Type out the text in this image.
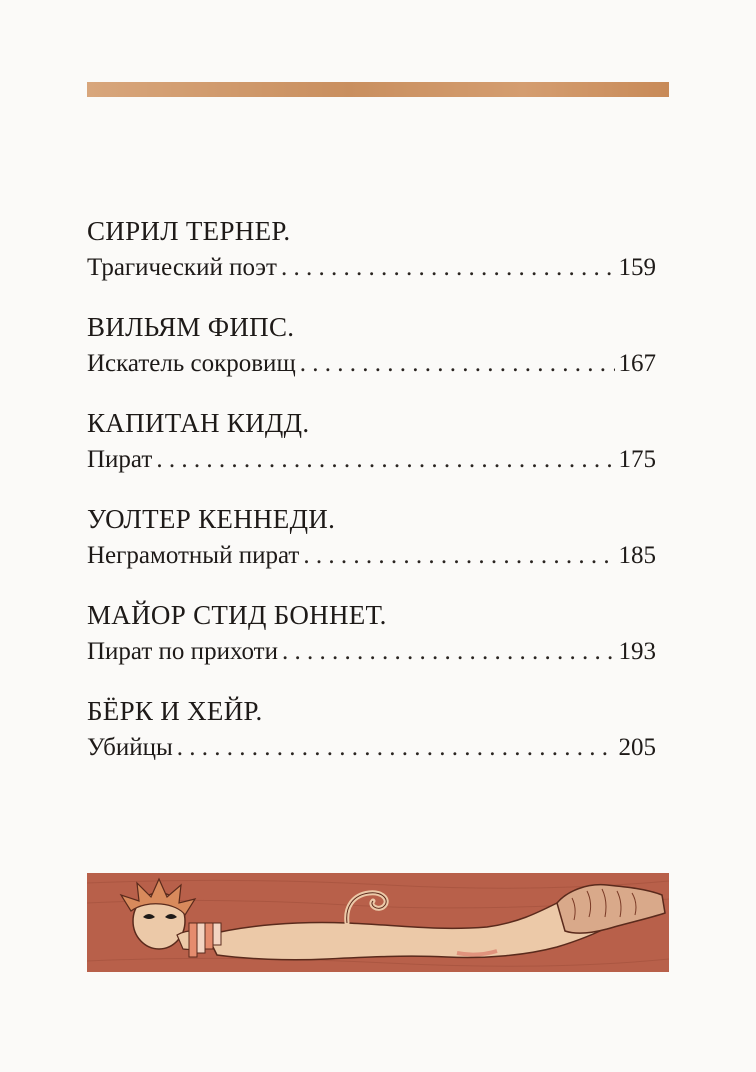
СИРИЛ ТЕРНЕР.
Трагический поэт . . .	159
ВИЛЬЯМ ФИПС.
Искатель сокровищ . . .	167
КАПИТАН КИДД.
Пират . . .	175
УОЛТЕР КЕННЕДИ.
Неграмотный пират . . .	185
МАЙОР СТИД БОННЕТ.
Пират по прихоти . . .	193
БЁРК И ХЕЙР.
Убийцы . . .	205
